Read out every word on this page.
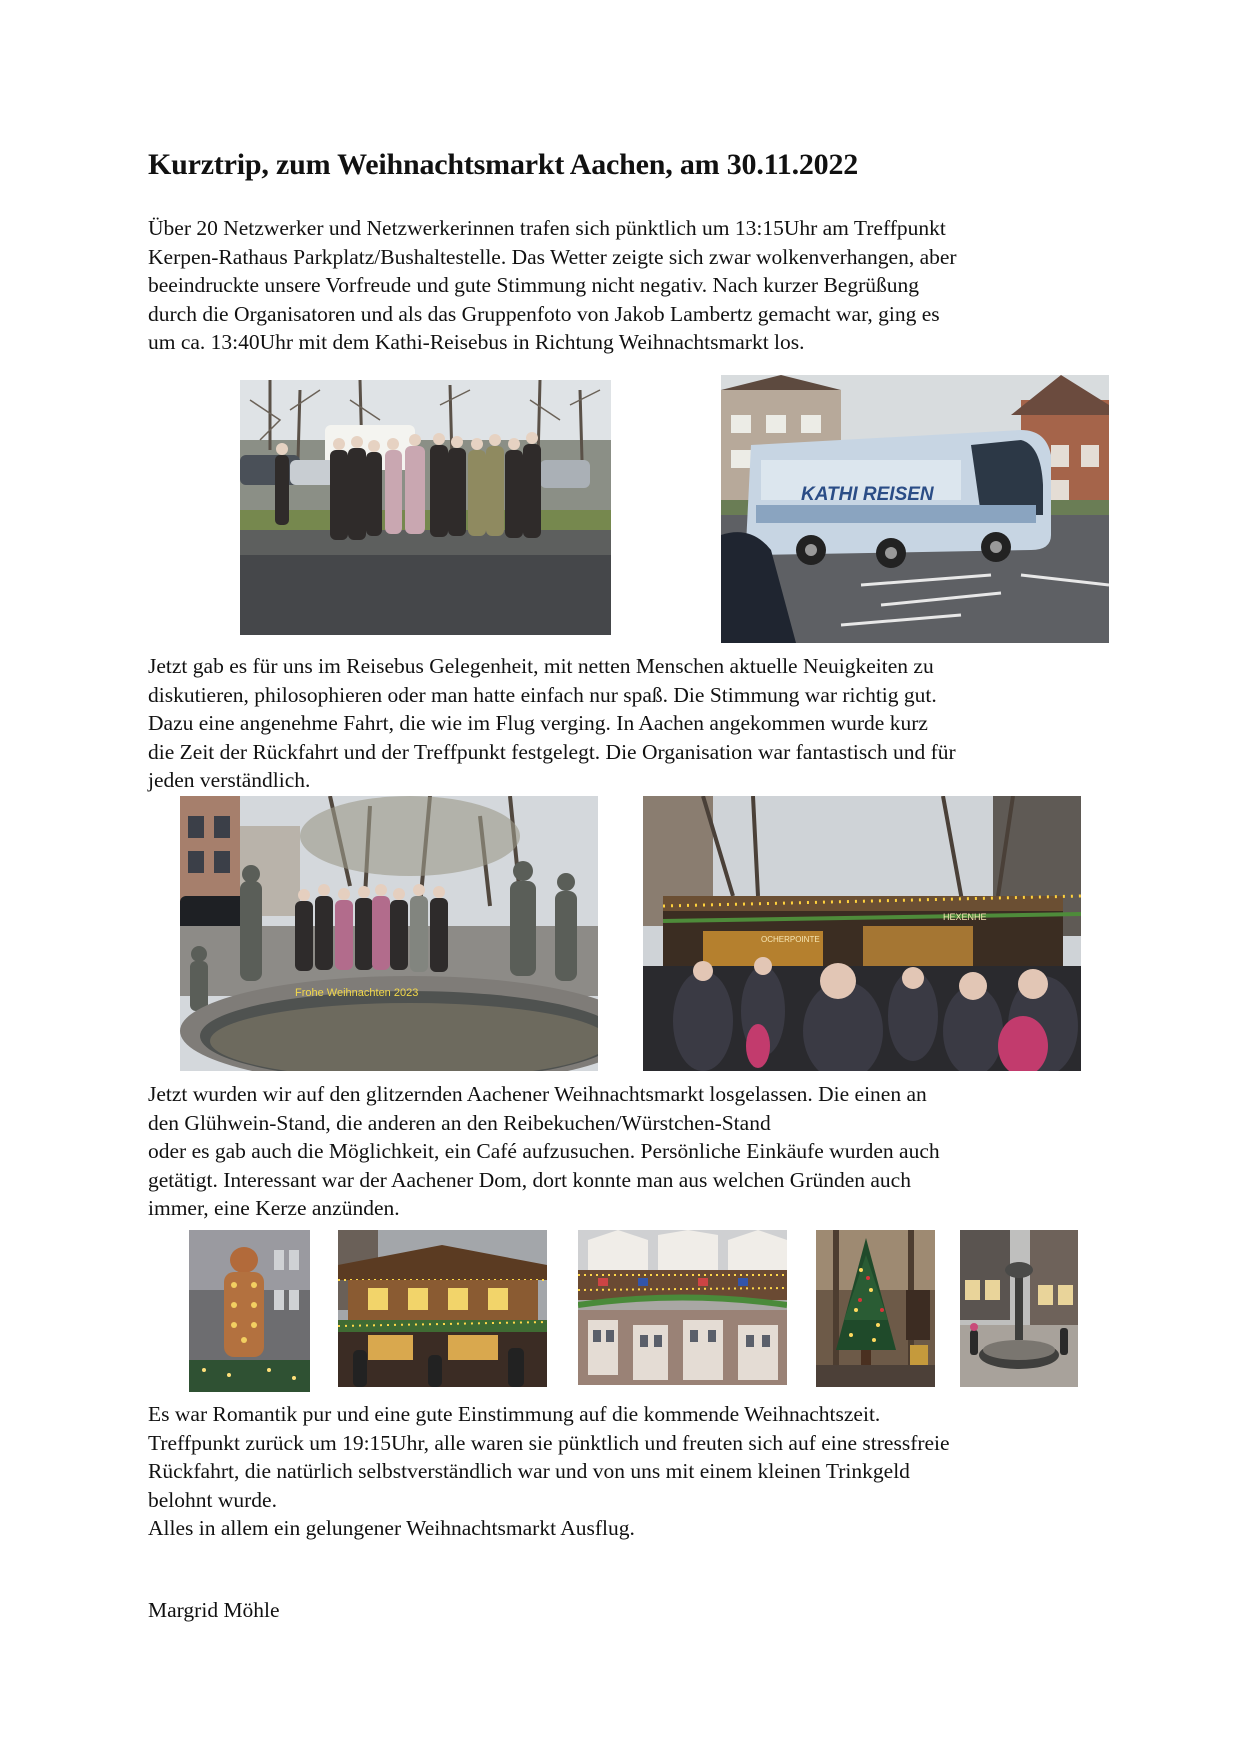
Kurztrip, zum Weihnachtsmarkt Aachen, am 30.11.2022

Über 20 Netzwerker und Netzwerkerinnen trafen sich pünktlich um 13:15Uhr am Treffpunkt
Kerpen-Rathaus Parkplatz/Bushaltestelle. Das Wetter zeigte sich zwar wolkenverhangen, aber
beeindruckte unsere Vorfreude und gute Stimmung nicht negativ. Nach kurzer Begrüßung
durch die Organisatoren und als das Gruppenfoto von Jakob Lambertz gemacht war, ging es
um ca. 13:40Uhr mit dem Kathi-Reisebus in Richtung Weihnachtsmarkt los.

KATHI REISEN

Jetzt gab es für uns im Reisebus Gelegenheit, mit netten Menschen aktuelle Neuigkeiten zu
diskutieren, philosophieren oder man hatte einfach nur spaß. Die Stimmung war richtig gut.
Dazu eine angenehme Fahrt, die wie im Flug verging. In Aachen angekommen wurde kurz
die Zeit der Rückfahrt und der Treffpunkt festgelegt. Die Organisation war fantastisch und für
jeden verständlich.

Frohe Weihnachten 2023
OCHERPOINTE
HEXENHE

Jetzt wurden wir auf den glitzernden Aachener Weihnachtsmarkt losgelassen. Die einen an
den Glühwein-Stand, die anderen an den Reibekuchen/Würstchen-Stand
oder es gab auch die Möglichkeit, ein Café aufzusuchen. Persönliche Einkäufe wurden auch
getätigt. Interessant war der Aachener Dom, dort konnte man aus welchen Gründen auch
immer, eine Kerze anzünden.

Es war Romantik pur und eine gute Einstimmung auf die kommende Weihnachtszeit.
Treffpunkt zurück um 19:15Uhr, alle waren sie pünktlich und freuten sich auf eine stressfreie
Rückfahrt, die natürlich selbstverständlich war und von uns mit einem kleinen Trinkgeld
belohnt wurde.
Alles in allem ein gelungener Weihnachtsmarkt Ausflug.

Margrid Möhle
